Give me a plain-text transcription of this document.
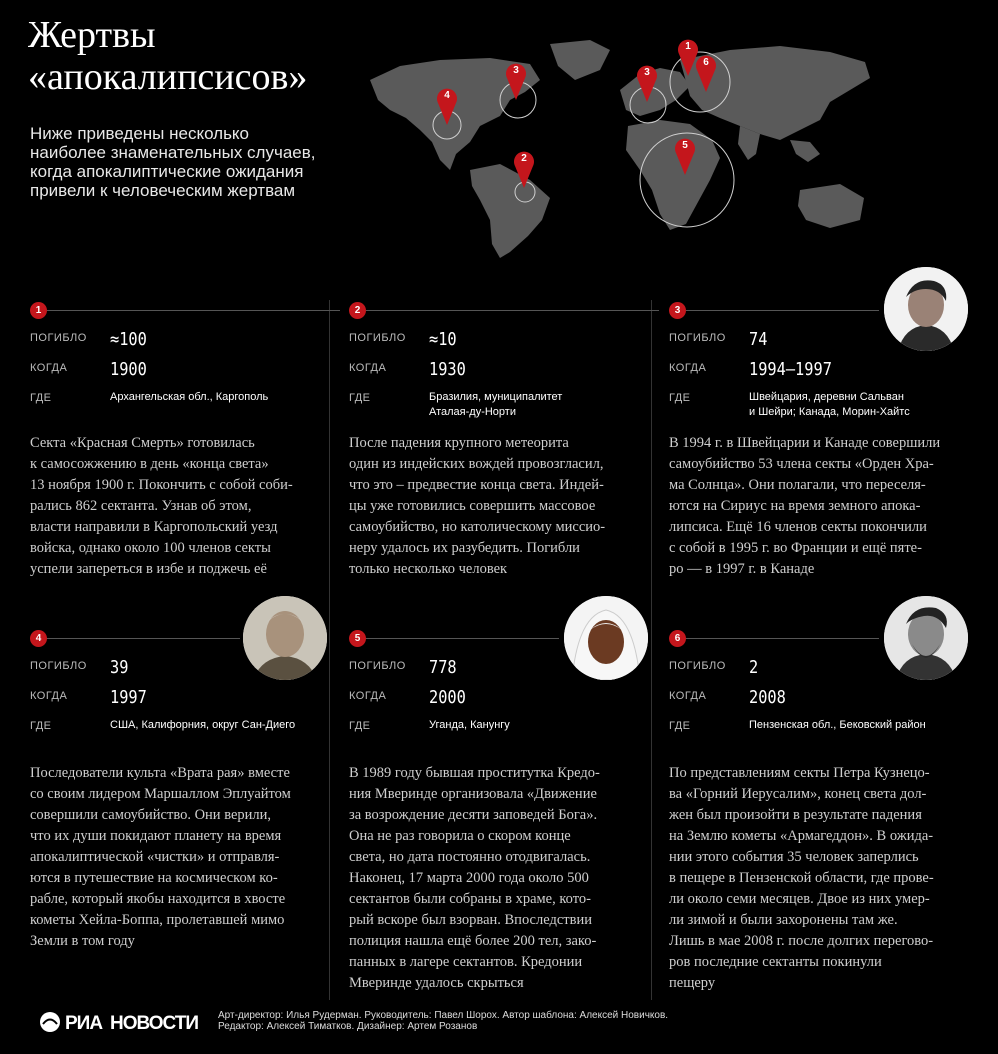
Жертвы
«апокалипсисов»
Ниже приведены несколько
наиболее знаменательных случаев,
когда апокалиптические ожидания
привели к человеческим жертвам
4
3
2
3
1
6
5
1
ПОГИБЛО ≈100
КОГДА 1900
ГДЕ	Архангельская обл., Каргополь
Секта «Красная Смерть» готовилась
к самосожжению в день «конца света»
13 ноября 1900 г. Покончить с собой соби-
рались 862 сектанта. Узнав об этом,
власти направили в Каргопольский уезд
войска, однако около 100 членов секты
успели запереться в избе и поджечь её
2
ПОГИБЛО ≈10
КОГДА 1930
ГДЕ	Бразилия, муниципалитет
Аталая-ду-Норти
После падения крупного метеорита
один из индейских вождей провозгласил,
что это – предвестие конца света. Индей-
цы уже готовились совершить массовое
самоубийство, но католическому миссио-
неру удалось их разубедить. Погибли
только несколько человек
3
ПОГИБЛО 74
КОГДА 1994–1997
ГДЕ	Швейцария, деревни Сальван
и Шейри; Канада, Морин-Хайтс
В 1994 г. в Швейцарии и Канаде совершили
самоубийство 53 члена секты «Орден Хра-
ма Солнца». Они полагали, что переселя-
ются на Сириус на время земного апока-
липсиса. Ещё 16 членов секты покончили
с собой в 1995 г. во Франции и ещё пяте-
ро — в 1997 г. в Канаде
4
ПОГИБЛО 39
КОГДА 1997
ГДЕ	США, Калифорния, округ Сан-Диего
Последователи культа «Врата рая» вместе
со своим лидером Маршаллом Эплуайтом
совершили самоубийство. Они верили,
что их души покидают планету на время
апокалиптической «чистки» и отправля-
ются в путешествие на космическом ко-
рабле, который якобы находится в хвосте
кометы Хейла-Боппа, пролетавшей мимо
Земли в том году
5
ПОГИБЛО 778
КОГДА 2000
ГДЕ	Уганда, Канунгу
В 1989 году бывшая проститутка Кредо-
ния Мвериндe организовала «Движение
за возрождение десяти заповедей Бога».
Она не раз говорила о скором конце
света, но дата постоянно отодвигалась.
Наконец, 17 марта 2000 года около 500
сектантов были собраны в храме, кото-
рый вскоре был взорван. Впоследствии
полиция нашла ещё более 200 тел, зако-
панных в лагере сектантов. Кредонии
Мвериндe удалось скрыться
6
ПОГИБЛО 2
КОГДА 2008
ГДЕ	Пензенская обл., Бековский район
По представлениям секты Петра Кузнецо-
ва «Горний Иерусалим», конец света дол-
жен был произойти в результате падения
на Землю кометы «Армагеддон». В ожида-
нии этого события 35 человек заперлись
в пещере в Пензенской области, где прове-
ли около семи месяцев. Двое из них умер-
ли зимой и были захоронены там же.
Лишь в мае 2008 г. после долгих перегово-
ров последние сектанты покинули
пещеру
РИА НОВОСТИ Арт-директор: Илья Рудерман. Руководитель: Павел Шорох. Автор шаблона: Алексей Новичков.
Редактор: Алексей Тиматков. Дизайнер: Артем Розанов
